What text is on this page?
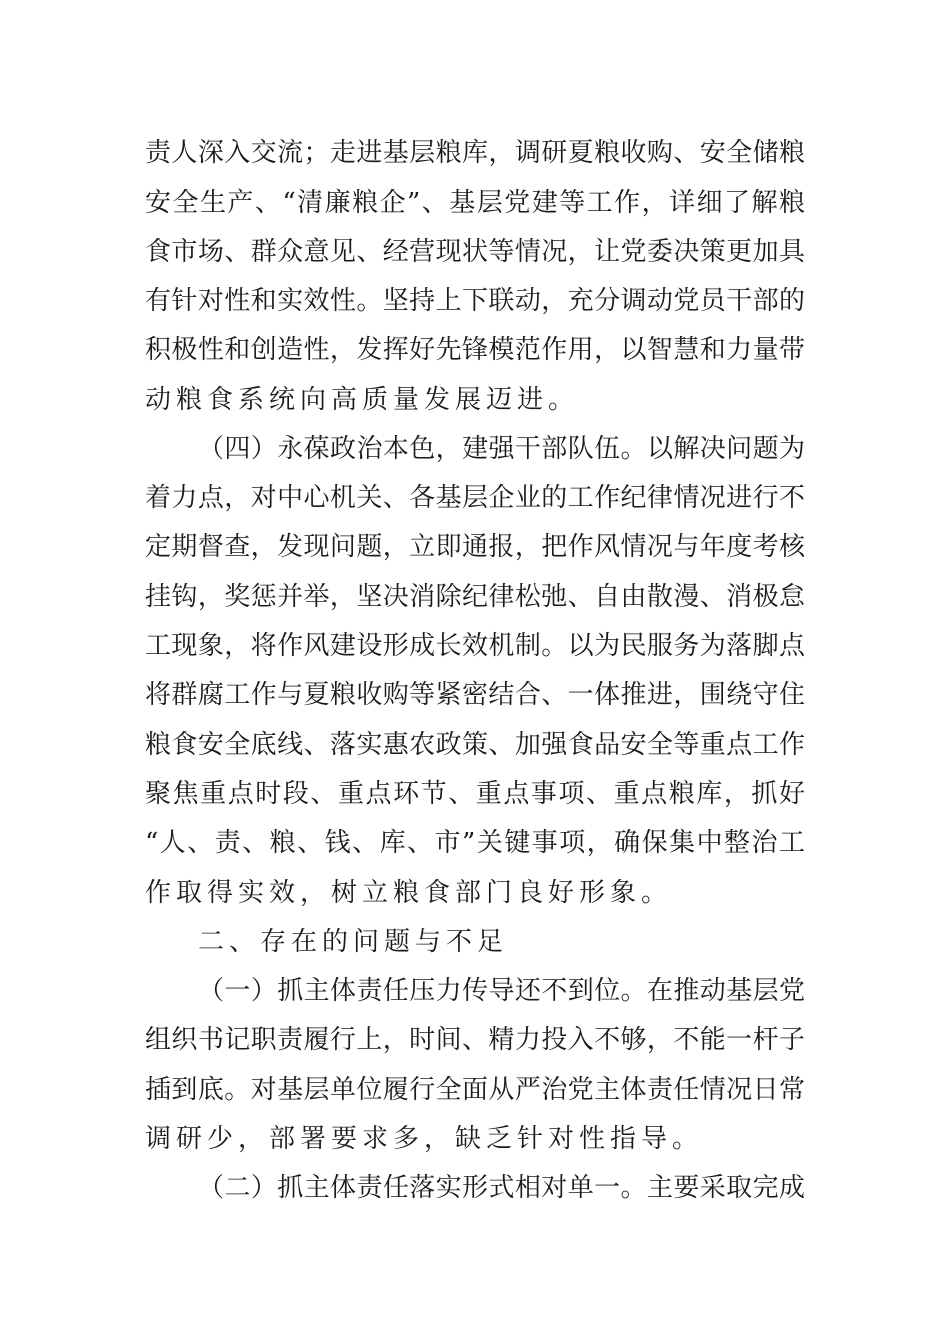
责人深入交流；走进基层粮库，调研夏粮收购、安全储粮
安全生产、“清廉粮企”、基层党建等工作，详细了解粮
食市场、群众意见、经营现状等情况，让党委决策更加具
有针对性和实效性。坚持上下联动，充分调动党员干部的
积极性和创造性，发挥好先锋模范作用，以智慧和力量带
动粮食系统向高质量发展迈进。
（四）永葆政治本色，建强干部队伍。以解决问题为
着力点，对中心机关、各基层企业的工作纪律情况进行不
定期督查，发现问题，立即通报，把作风情况与年度考核
挂钩，奖惩并举，坚决消除纪律松弛、自由散漫、消极怠
工现象，将作风建设形成长效机制。以为民服务为落脚点
将群腐工作与夏粮收购等紧密结合、一体推进，围绕守住
粮食安全底线、落实惠农政策、加强食品安全等重点工作
聚焦重点时段、重点环节、重点事项、重点粮库，抓好
“人、责、粮、钱、库、市”关键事项，确保集中整治工
作取得实效，树立粮食部门良好形象。
二、存在的问题与不足
（一）抓主体责任压力传导还不到位。在推动基层党
组织书记职责履行上，时间、精力投入不够，不能一杆子
插到底。对基层单位履行全面从严治党主体责任情况日常
调研少，部署要求多，缺乏针对性指导。
（二）抓主体责任落实形式相对单一。主要采取完成
